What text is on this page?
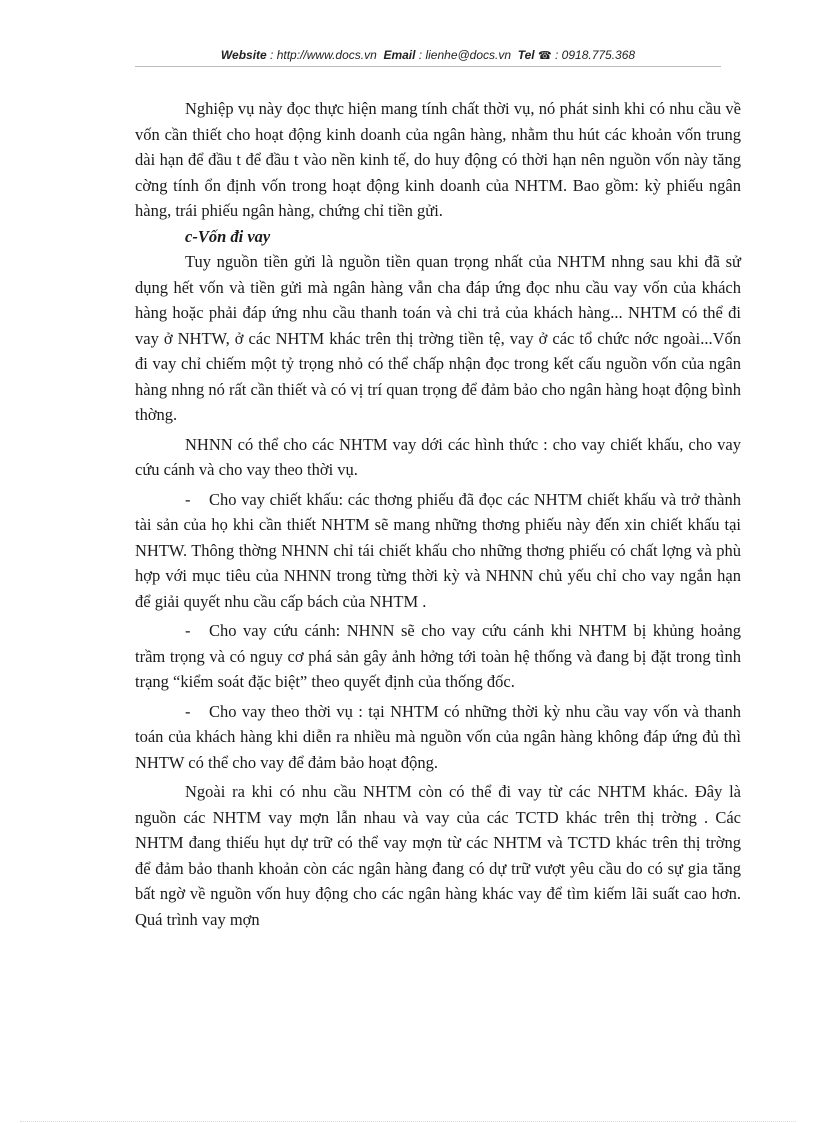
Website : http://www.docs.vn Email : lienhe@docs.vn Tel ☎ : 0918.775.368

Nghiệp vụ này đọc thực hiện mang tính chất thời vụ, nó phát sinh khi có nhu cầu về vốn cần thiết cho hoạt động kinh doanh của ngân hàng, nhằm thu hút các khoản vốn trung dài hạn để đầu t để đầu t vào nền kinh tế, do huy động có thời hạn nên nguồn vốn này tăng cờng tính ổn định vốn trong hoạt động kinh doanh của NHTM. Bao gồm: kỳ phiếu ngân hàng, trái phiếu ngân hàng, chứng chỉ tiền gửi.

c-Vốn đi vay

Tuy nguồn tiền gửi là nguồn tiền quan trọng nhất của NHTM nhng sau khi đã sử dụng hết vốn và tiền gửi mà ngân hàng vẫn cha đáp ứng đọc nhu cầu vay vốn của khách hàng hoặc phải đáp ứng nhu cầu thanh toán và chi trả của khách hàng... NHTM có thể đi vay ở NHTW, ở các NHTM khác trên thị trờng tiền tệ, vay ở các tổ chức nớc ngoài...Vốn đi vay chỉ chiếm một tỷ trọng nhỏ có thể chấp nhận đọc trong kết cấu nguồn vốn của ngân hàng nhng nó rất cần thiết và có vị trí quan trọng để đảm bảo cho ngân hàng hoạt động bình thờng.

NHNN có thể cho các NHTM vay dới các hình thức : cho vay chiết khấu, cho vay cứu cánh và cho vay theo thời vụ.

- Cho vay chiết khấu: các thơng phiếu đã đọc các NHTM chiết khấu và trở thành tài sản của họ khi cần thiết NHTM sẽ mang những thơng phiếu này đến xin chiết khấu tại NHTW. Thông thờng NHNN chỉ tái chiết khấu cho những thơng phiếu có chất lợng và phù hợp với mục tiêu của NHNN trong từng thời kỳ và NHNN chủ yếu chỉ cho vay ngắn hạn để giải quyết nhu cầu cấp bách của NHTM .

- Cho vay cứu cánh: NHNN sẽ cho vay cứu cánh khi NHTM bị khủng hoảng trầm trọng và có nguy cơ phá sản gây ảnh hởng tới toàn hệ thống và đang bị đặt trong tình trạng “kiểm soát đặc biệt” theo quyết định của thống đốc.

- Cho vay theo thời vụ : tại NHTM có những thời kỳ nhu cầu vay vốn và thanh toán của khách hàng khi diễn ra nhiều mà nguồn vốn của ngân hàng không đáp ứng đủ thì NHTW có thể cho vay để đảm bảo hoạt động.

Ngoài ra khi có nhu cầu NHTM còn có thể đi vay từ các NHTM khác. Đây là nguồn các NHTM vay mợn lẫn nhau và vay của các TCTD khác trên thị trờng . Các NHTM đang thiếu hụt dự trữ có thể vay mợn từ các NHTM và TCTD khác trên thị trờng để đảm bảo thanh khoản còn các ngân hàng đang có dự trữ vượt yêu cầu do có sự gia tăng bất ngờ về nguồn vốn huy động cho các ngân hàng khác vay để tìm kiếm lãi suất cao hơn. Quá trình vay mợn
